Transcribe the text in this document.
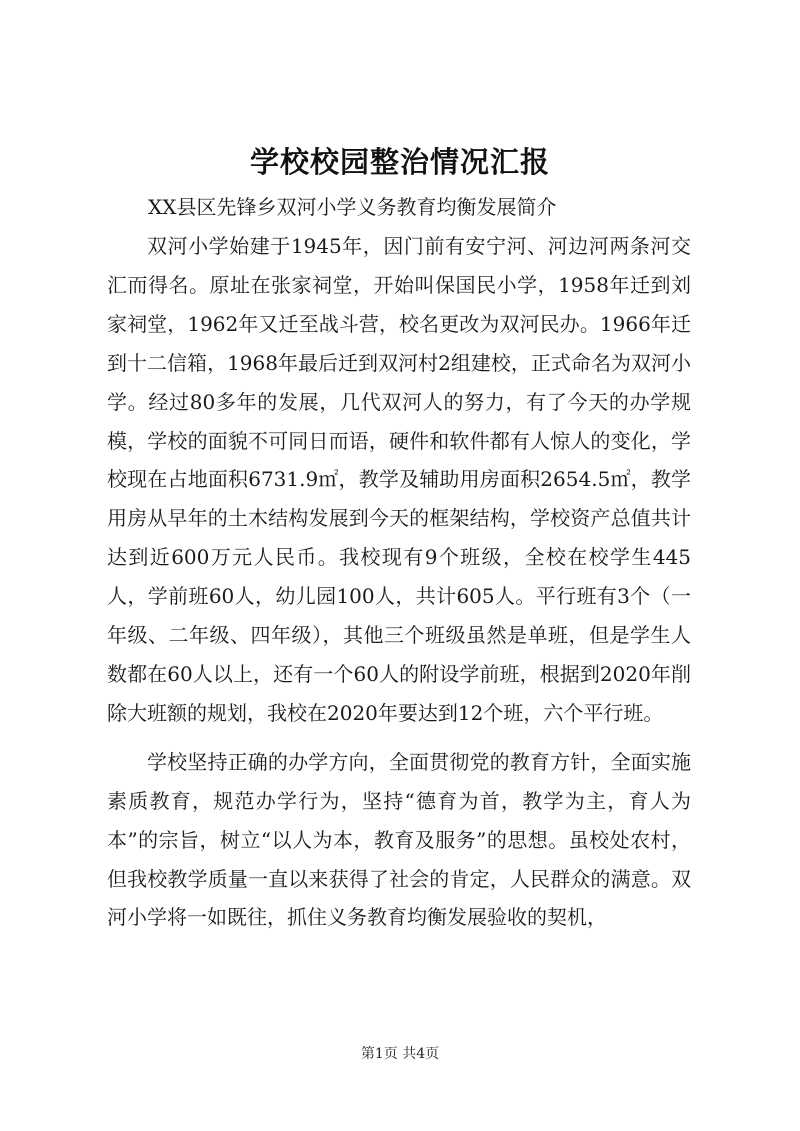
学校校园整治情况汇报
XX县区先锋乡双河小学义务教育均衡发展简介

双河小学始建于1945年，因门前有安宁河、河边河两条河交汇而得名。原址在张家祠堂，开始叫保国民小学，1958年迁到刘家祠堂，1962年又迁至战斗营，校名更改为双河民办。1966年迁到十二信箱，1968年最后迁到双河村2组建校，正式命名为双河小学。经过80多年的发展，几代双河人的努力，有了今天的办学规模，学校的面貌不可同日而语，硬件和软件都有人惊人的变化，学校现在占地面积6731.9㎡，教学及辅助用房面积2654.5㎡，教学用房从早年的土木结构发展到今天的框架结构，学校资产总值共计达到近600万元人民币。我校现有9个班级，全校在校学生445人，学前班60人，幼儿园100人，共计605人。平行班有3个（一年级、二年级、四年级），其他三个班级虽然是单班，但是学生人数都在60人以上，还有一个60人的附设学前班，根据到2020年削除大班额的规划，我校在2020年要达到12个班，六个平行班。

学校坚持正确的办学方向，全面贯彻党的教育方针，全面实施素质教育，规范办学行为，坚持“德育为首，教学为主，育人为本”的宗旨，树立“以人为本，教育及服务”的思想。虽校处农村，但我校教学质量一直以来获得了社会的肯定，人民群众的满意。双河小学将一如既往，抓住义务教育均衡发展验收的契机，

第1页 共4页
